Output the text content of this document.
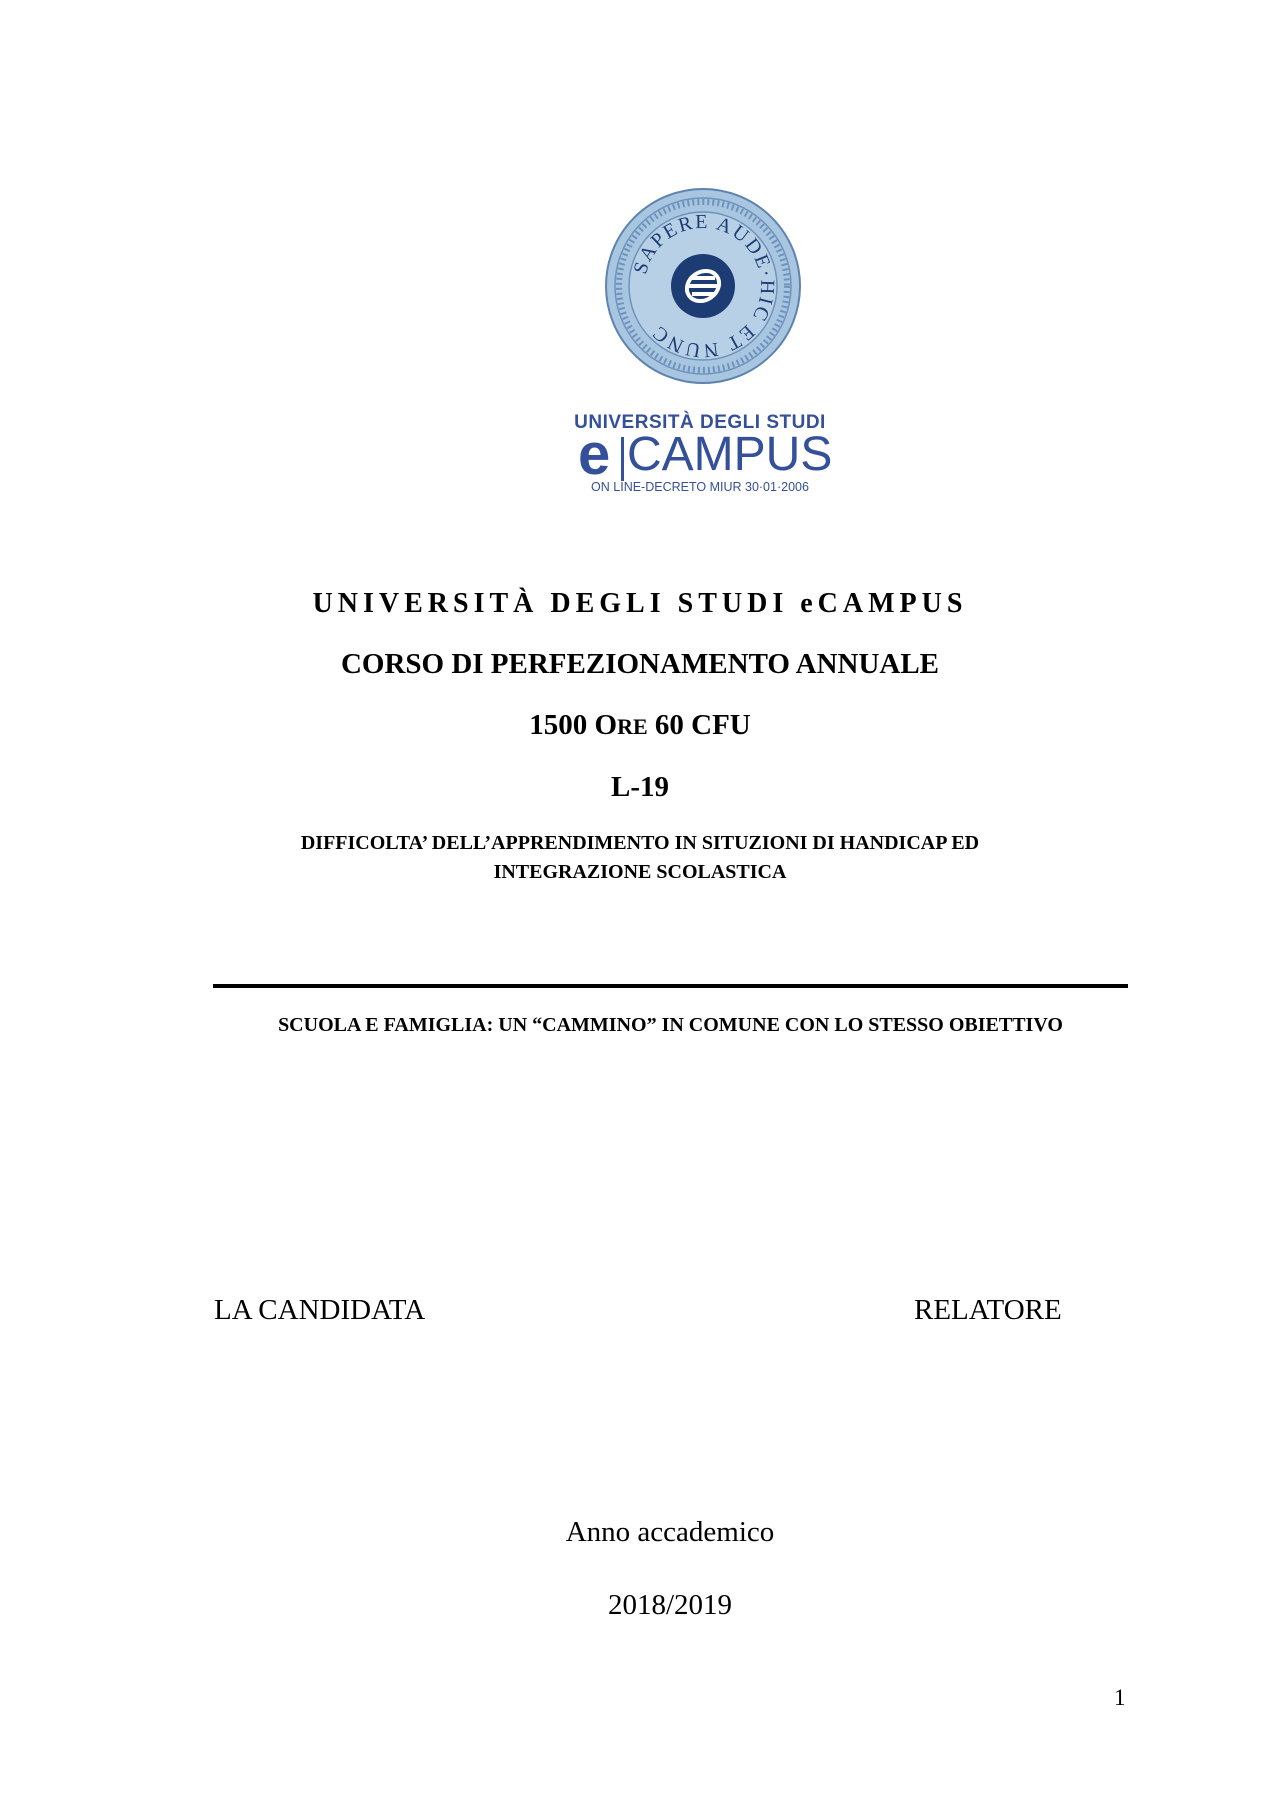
SAPERE AUDE·HIC ET NUNC
UNIVERSITÀ DEGLI STUDI
e CAMPUS
ON LINE-DECRETO MIUR 30·01·2006
UNIVERSITÀ DEGLI STUDI eCAMPUS
CORSO DI PERFEZIONAMENTO ANNUALE
1500 ORE 60 CFU
L-19
DIFFICOLTA’ DELL’APPRENDIMENTO IN SITUZIONI DI HANDICAP ED
INTEGRAZIONE SCOLASTICA
SCUOLA E FAMIGLIA: UN “CAMMINO” IN COMUNE CON LO STESSO OBIETTIVO
LA CANDIDATA	RELATORE
Anno accademico
2018/2019
1
